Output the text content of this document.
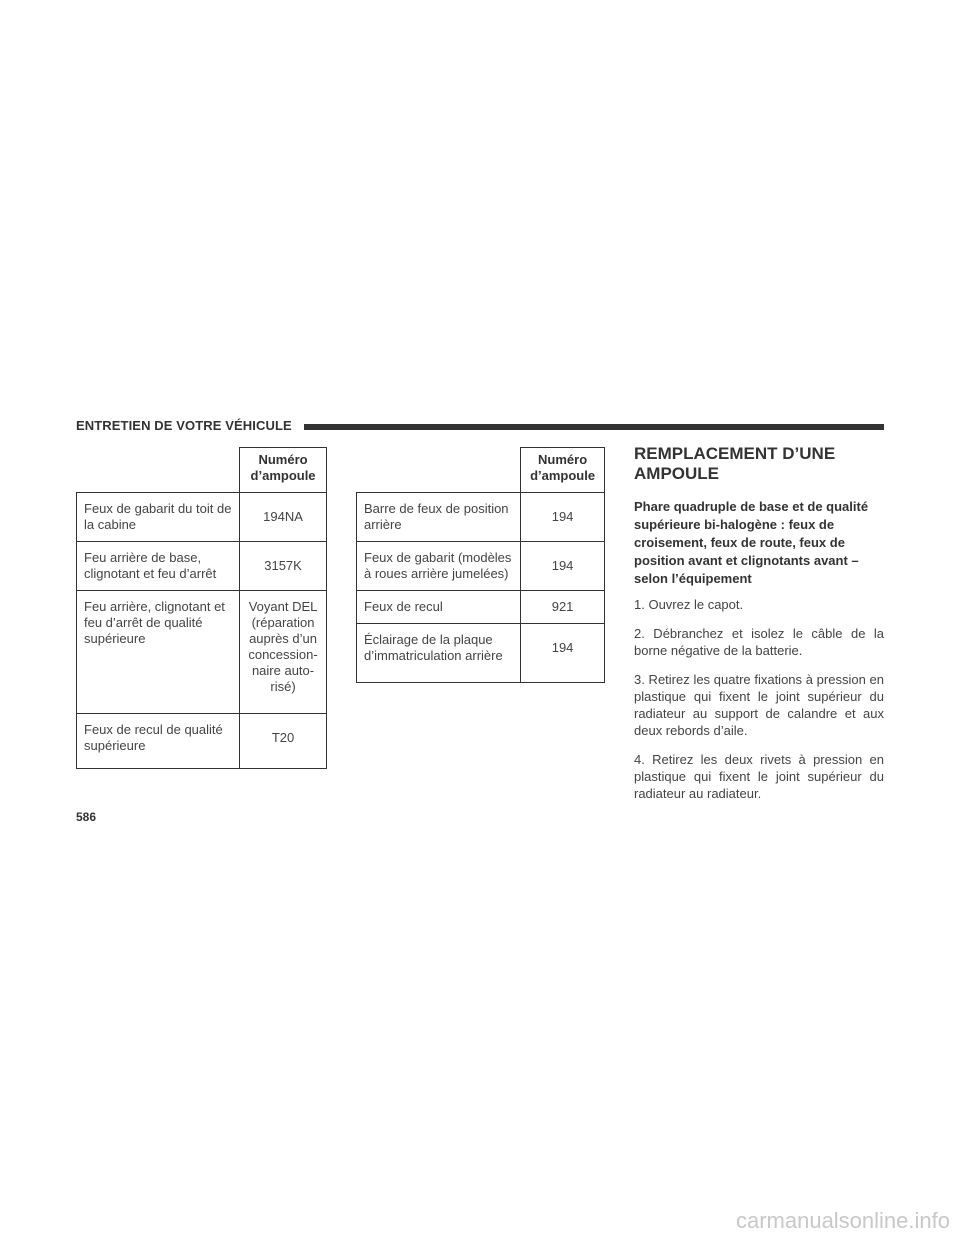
ENTRETIEN DE VOTRE VÉHICULE
	Numéro d’ampoule
Feux de gabarit du toit de la cabine	194NA
Feu arrière de base, clignotant et feu d’arrêt	3157K
Feu arrière, clignotant et feu d’arrêt de qualité supérieure	Voyant DEL (réparation auprès d’un concession-naire auto-risé)
Feux de recul de qualité supérieure	T20
	Numéro d’ampoule
Barre de feux de position arrière	194
Feux de gabarit (modèles à roues arrière jumelées)	194
Feux de recul	921
Éclairage de la plaque d’immatriculation arrière	194
REMPLACEMENT D’UNE AMPOULE
Phare quadruple de base et de qualité supérieure bi-halogène : feux de croisement, feux de route, feux de position avant et clignotants avant – selon l’équipement

1. Ouvrez le capot.

2. Débranchez et isolez le câble de la borne négative de la batterie.

3. Retirez les quatre fixations à pression en plastique qui fixent le joint supérieur du radiateur au support de calandre et aux deux rebords d’aile.

4. Retirez les deux rivets à pression en plastique qui fixent le joint supérieur du radiateur au radiateur.

586
carmanualsonline.info
